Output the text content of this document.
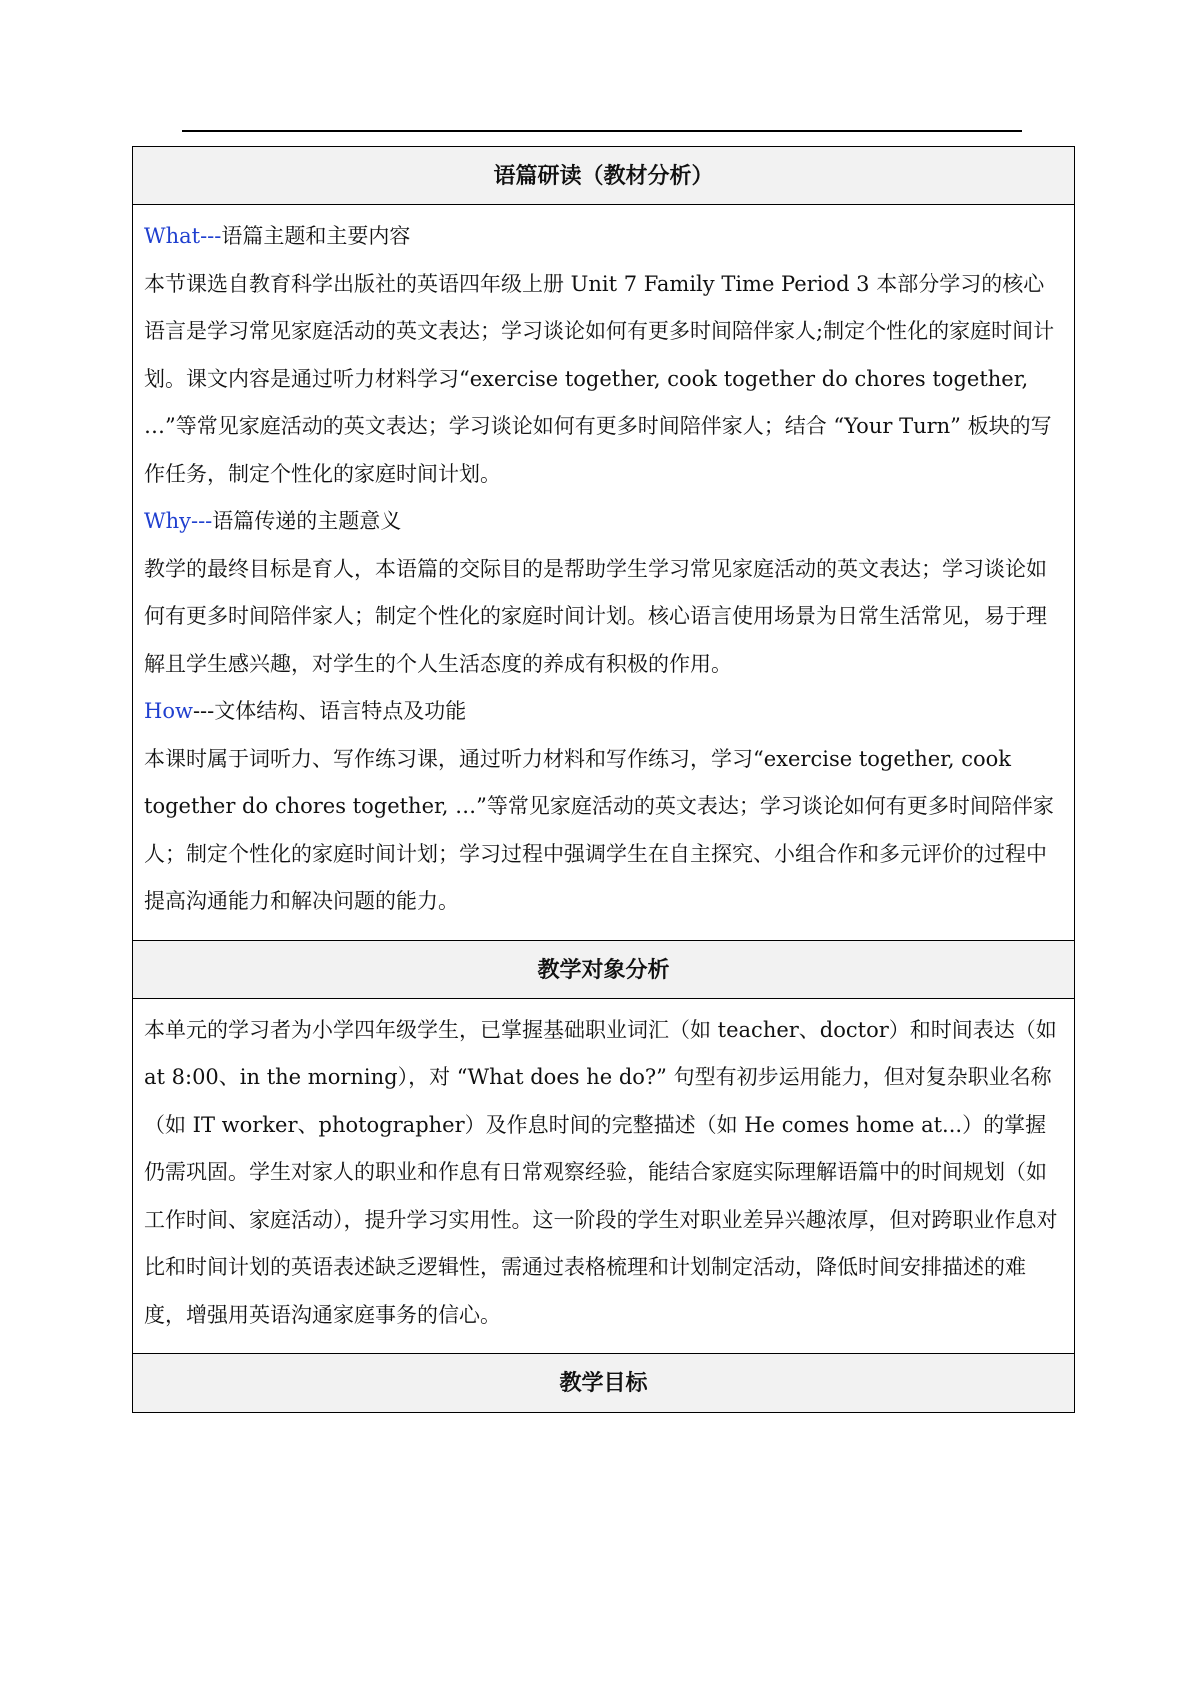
语篇研读（教材分析）
What---语篇主题和主要内容
本节课选自教育科学出版社的英语四年级上册 Unit 7 Family Time Period 3 本部分学习的核心语言是学习常见家庭活动的英文表达；学习谈论如何有更多时间陪伴家人;制定个性化的家庭时间计划。课文内容是通过听力材料学习“exercise together, cook together do chores together, …”等常见家庭活动的英文表达；学习谈论如何有更多时间陪伴家人；结合 “Your Turn” 板块的写作任务，制定个性化的家庭时间计划。
Why---语篇传递的主题意义
教学的最终目标是育人，本语篇的交际目的是帮助学生学习常见家庭活动的英文表达；学习谈论如何有更多时间陪伴家人；制定个性化的家庭时间计划。核心语言使用场景为日常生活常见，易于理解且学生感兴趣，对学生的个人生活态度的养成有积极的作用。
How---文体结构、语言特点及功能
本课时属于词听力、写作练习课，通过听力材料和写作练习，学习“exercise together, cook together do chores together, …”等常见家庭活动的英文表达；学习谈论如何有更多时间陪伴家人；制定个性化的家庭时间计划；学习过程中强调学生在自主探究、小组合作和多元评价的过程中提高沟通能力和解决问题的能力。
教学对象分析
本单元的学习者为小学四年级学生，已掌握基础职业词汇（如 teacher、doctor）和时间表达（如 at 8:00、in the morning），对 “What does he do?” 句型有初步运用能力，但对复杂职业名称（如 IT worker、photographer）及作息时间的完整描述（如 He comes home at...）的掌握仍需巩固。学生对家人的职业和作息有日常观察经验，能结合家庭实际理解语篇中的时间规划（如工作时间、家庭活动），提升学习实用性。这一阶段的学生对职业差异兴趣浓厚，但对跨职业作息对比和时间计划的英语表述缺乏逻辑性，需通过表格梳理和计划制定活动，降低时间安排描述的难度，增强用英语沟通家庭事务的信心。
教学目标
